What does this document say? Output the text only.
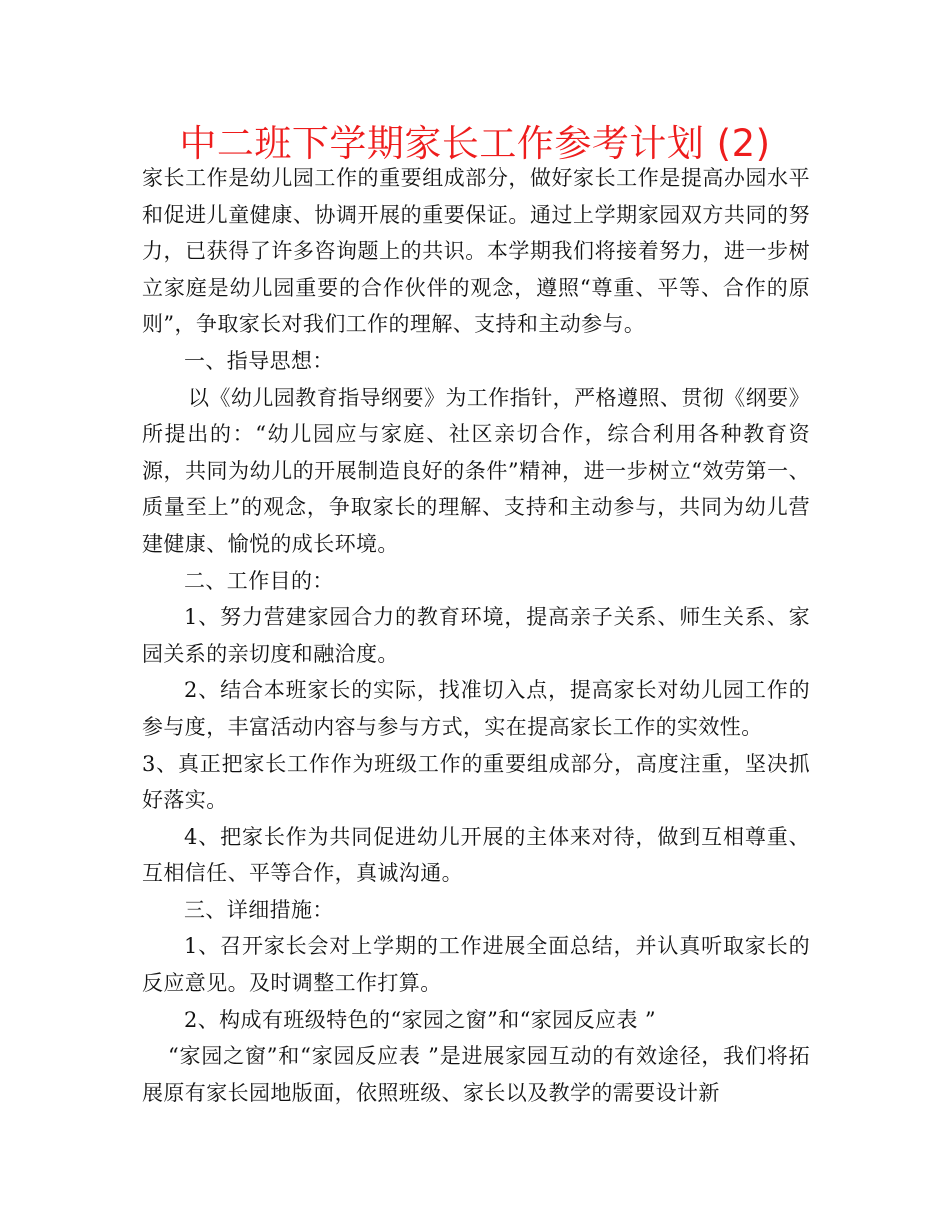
中二班下学期家长工作参考计划 (2)

家长工作是幼儿园工作的重要组成部分，做好家长工作是提高办园水平和促进儿童健康、协调开展的重要保证。通过上学期家园双方共同的努力，已获得了许多咨询题上的共识。本学期我们将接着努力，进一步树立家庭是幼儿园重要的合作伙伴的观念，遵照“尊重、平等、合作的原则”，争取家长对我们工作的理解、支持和主动参与。

一、指导思想：

以《幼儿园教育指导纲要》为工作指针，严格遵照、贯彻《纲要》所提出的：“幼儿园应与家庭、社区亲切合作，综合利用各种教育资源，共同为幼儿的开展制造良好的条件”精神，进一步树立“效劳第一、质量至上”的观念，争取家长的理解、支持和主动参与，共同为幼儿营建健康、愉悦的成长环境。

二、工作目的：

1、努力营建家园合力的教育环境，提高亲子关系、师生关系、家园关系的亲切度和融洽度。

2、结合本班家长的实际，找准切入点，提高家长对幼儿园工作的参与度，丰富活动内容与参与方式，实在提高家长工作的实效性。

3、真正把家长工作作为班级工作的重要组成部分，高度注重，坚决抓好落实。

4、把家长作为共同促进幼儿开展的主体来对待，做到互相尊重、互相信任、平等合作，真诚沟通。

三、详细措施：

1、召开家长会对上学期的工作进展全面总结，并认真听取家长的反应意见。及时调整工作打算。

2、构成有班级特色的“家园之窗”和“家园反应表 ”

“家园之窗”和“家园反应表 ”是进展家园互动的有效途径，我们将拓展原有家长园地版面，依照班级、家长以及教学的需要设计新
